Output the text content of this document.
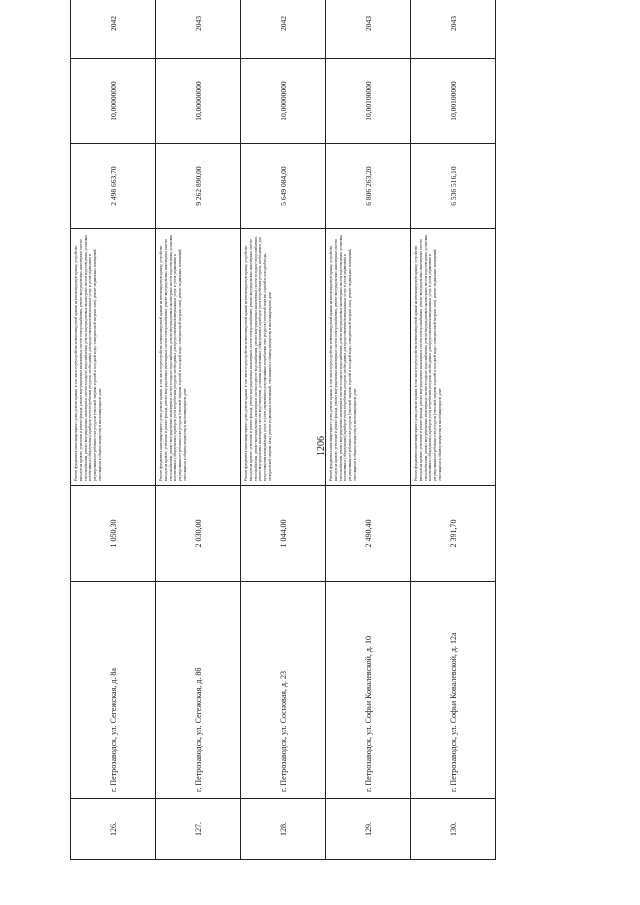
1206
126.	г. Петрозаводск, ул. Сегежская, д. 8а	1 050,30	Ремонт фундамента многоквартирного дома, ремонт крыши, в том числе переустройство невентилируемой крыши на вентилируемую крышу, устройство выходов на кровлю, утепление и ремонт фасада, ремонт внутридомовых инженерных систем электроснабжения, ремонт внутридомовых инженерных систем теплоснабжения, ремонт внутридомовых инженерных систем холодного водоснабжения, ремонт внутридомовых инженерных систем водоотведения, установка коллективных (общедомовых) приборов учета потребления ресурсов, необходимых для предоставления коммунальных услуг, и узлов управления и регулирования потребления этих ресурсов (тепловой энергии, горячей и холодной воды, электрической энергии, газа), ремонт подвальных помещений, относящихся к общему имуществу в многоквартирном доме	2 498 663,70	10,00000000	2042
127.	г. Петрозаводск, ул. Сегежская, д. 8б	2 030,00	Ремонт фундамента многоквартирного дома, ремонт крыши, в том числе переустройство невентилируемой крыши на вентилируемую крышу, устройство выходов на кровлю, утепление и ремонт фасада, ремонт внутридомовых инженерных систем электроснабжения, ремонт внутридомовых инженерных систем теплоснабжения, ремонт внутридомовых инженерных систем холодного водоснабжения, ремонт внутридомовых инженерных систем водоотведения, установка коллективных (общедомовых) приборов учета потребления ресурсов, необходимых для предоставления коммунальных услуг, и узлов управления и регулирования потребления этих ресурсов (тепловой энергии, горячей и холодной воды, электрической энергии, газа), ремонт подвальных помещений, относящихся к общему имуществу в многоквартирном доме	9 262 890,00	10,00000000	2043
128.	г. Петрозаводск, ул. Сосновая, д. 23	1 044,00	Ремонт фундамента многоквартирного дома, ремонт крыши, в том числе переустройство невентилируемой крыши на вентилируемую крышу, устройство выходов на кровлю, утепление и ремонт фасада, ремонт внутридомовых инженерных систем электроснабжения, ремонт внутридомовых инженерных систем теплоснабжения, ремонт внутридомовых инженерных систем горячего водоснабжения, ремонт внутридомовых инженерных систем холодного водоснабжения, ремонт внутридомовых инженерных систем водоотведения, установка коллективных (общедомовых) приборов учета потребления ресурсов, необходимых для предоставления коммунальных услуг, и узлов управления и регулирования потребления этих ресурсов (тепловой энергии, горячей и холодной воды, электрической энергии, газа), ремонт подвальных помещений, относящихся к общему имуществу в многоквартирном доме	5 649 084,00	10,00000000	2042
129.	г. Петрозаводск, ул. Софьи Ковалевской, д. 10	2 490,40	Ремонт фундамента многоквартирного дома, ремонт крыши, в том числе переустройство невентилируемой крыши на вентилируемую крышу, устройство выходов на кровлю, утепление и ремонт фасада, ремонт внутридомовых инженерных систем электроснабжения, ремонт внутридомовых инженерных систем теплоснабжения, ремонт внутридомовых инженерных систем холодного водоснабжения, ремонт внутридомовых инженерных систем водоотведения, установка коллективных (общедомовых) приборов учета потребления ресурсов, необходимых для предоставления коммунальных услуг, и узлов управления и регулирования потребления этих ресурсов (тепловой энергии, горячей и холодной воды, электрической энергии, газа), ремонт подвальных помещений, относящихся к общему имуществу в многоквартирном доме	6 806 263,20	10,00100000	2043
130.	г. Петрозаводск, ул. Софьи Ковалевской, д. 12а	2 391,70	Ремонт фундамента многоквартирного дома, ремонт крыши, в том числе переустройство невентилируемой крыши на вентилируемую крышу, устройство выходов на кровлю, утепление и ремонт фасада, ремонт внутридомовых инженерных систем электроснабжения, ремонт внутридомовых инженерных систем теплоснабжения, ремонт внутридомовых инженерных систем холодного водоснабжения, ремонт внутридомовых инженерных систем водоотведения, установка коллективных (общедомовых) приборов учета потребления ресурсов, необходимых для предоставления коммунальных услуг, и узлов управления и регулирования потребления этих ресурсов (тепловой энергии, горячей и холодной воды, электрической энергии, газа), ремонт подвальных помещений, относящихся к общему имуществу в многоквартирном доме	6 536 516,10	10,00100000	2043
